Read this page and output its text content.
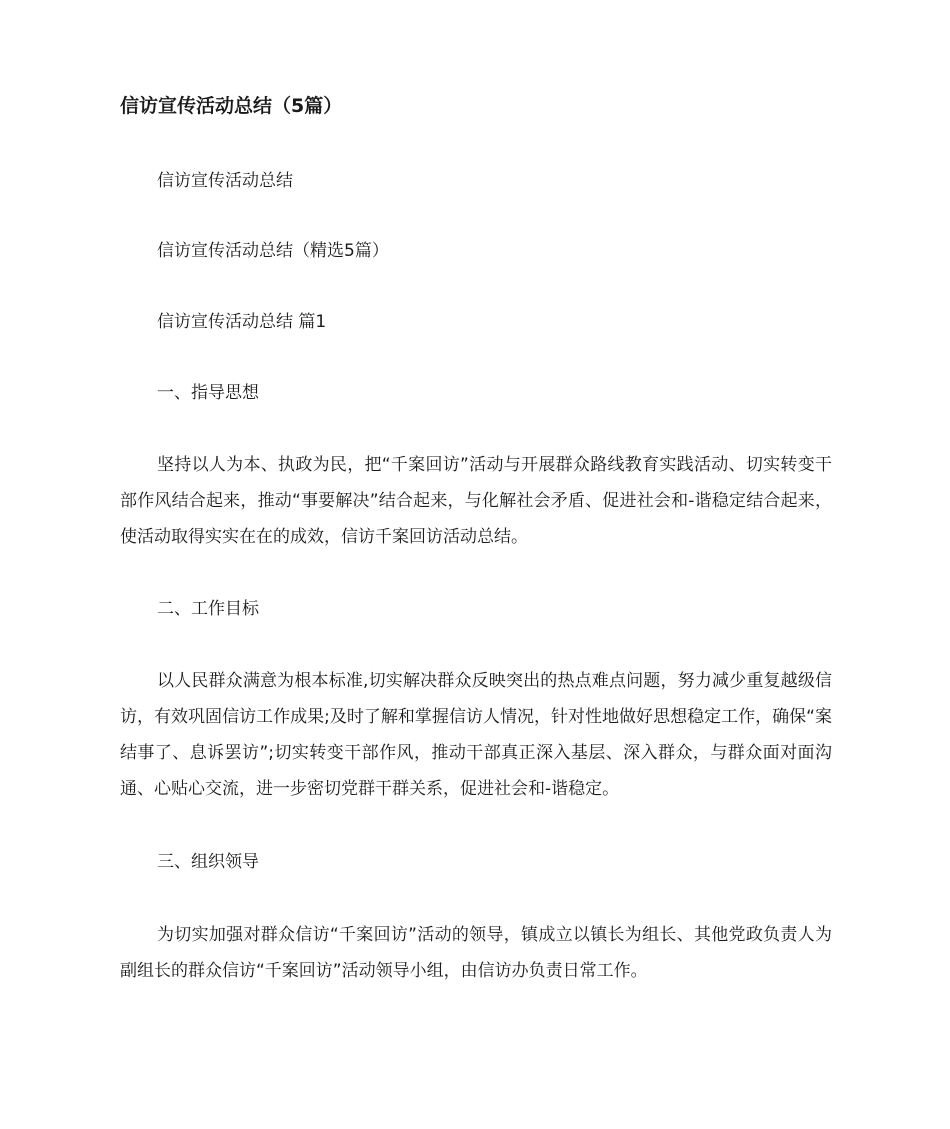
信访宣传活动总结（5篇）
信访宣传活动总结
信访宣传活动总结（精选5篇）
信访宣传活动总结 篇1
一、指导思想
坚持以人为本、执政为民，把“千案回访”活动与开展群众路线教育实践活动、切实转变干部作风结合起来，推动“事要解决”结合起来，与化解社会矛盾、促进社会和-谐稳定结合起来，使活动取得实实在在的成效，信访千案回访活动总结。
二、工作目标
以人民群众满意为根本标准,切实解决群众反映突出的热点难点问题，努力减少重复越级信访，有效巩固信访工作成果;及时了解和掌握信访人情况，针对性地做好思想稳定工作，确保“案结事了、息诉罢访”;切实转变干部作风，推动干部真正深入基层、深入群众，与群众面对面沟通、心贴心交流，进一步密切党群干群关系，促进社会和-谐稳定。
三、组织领导
为切实加强对群众信访“千案回访”活动的领导，镇成立以镇长为组长、其他党政负责人为副组长的群众信访“千案回访”活动领导小组，由信访办负责日常工作。
